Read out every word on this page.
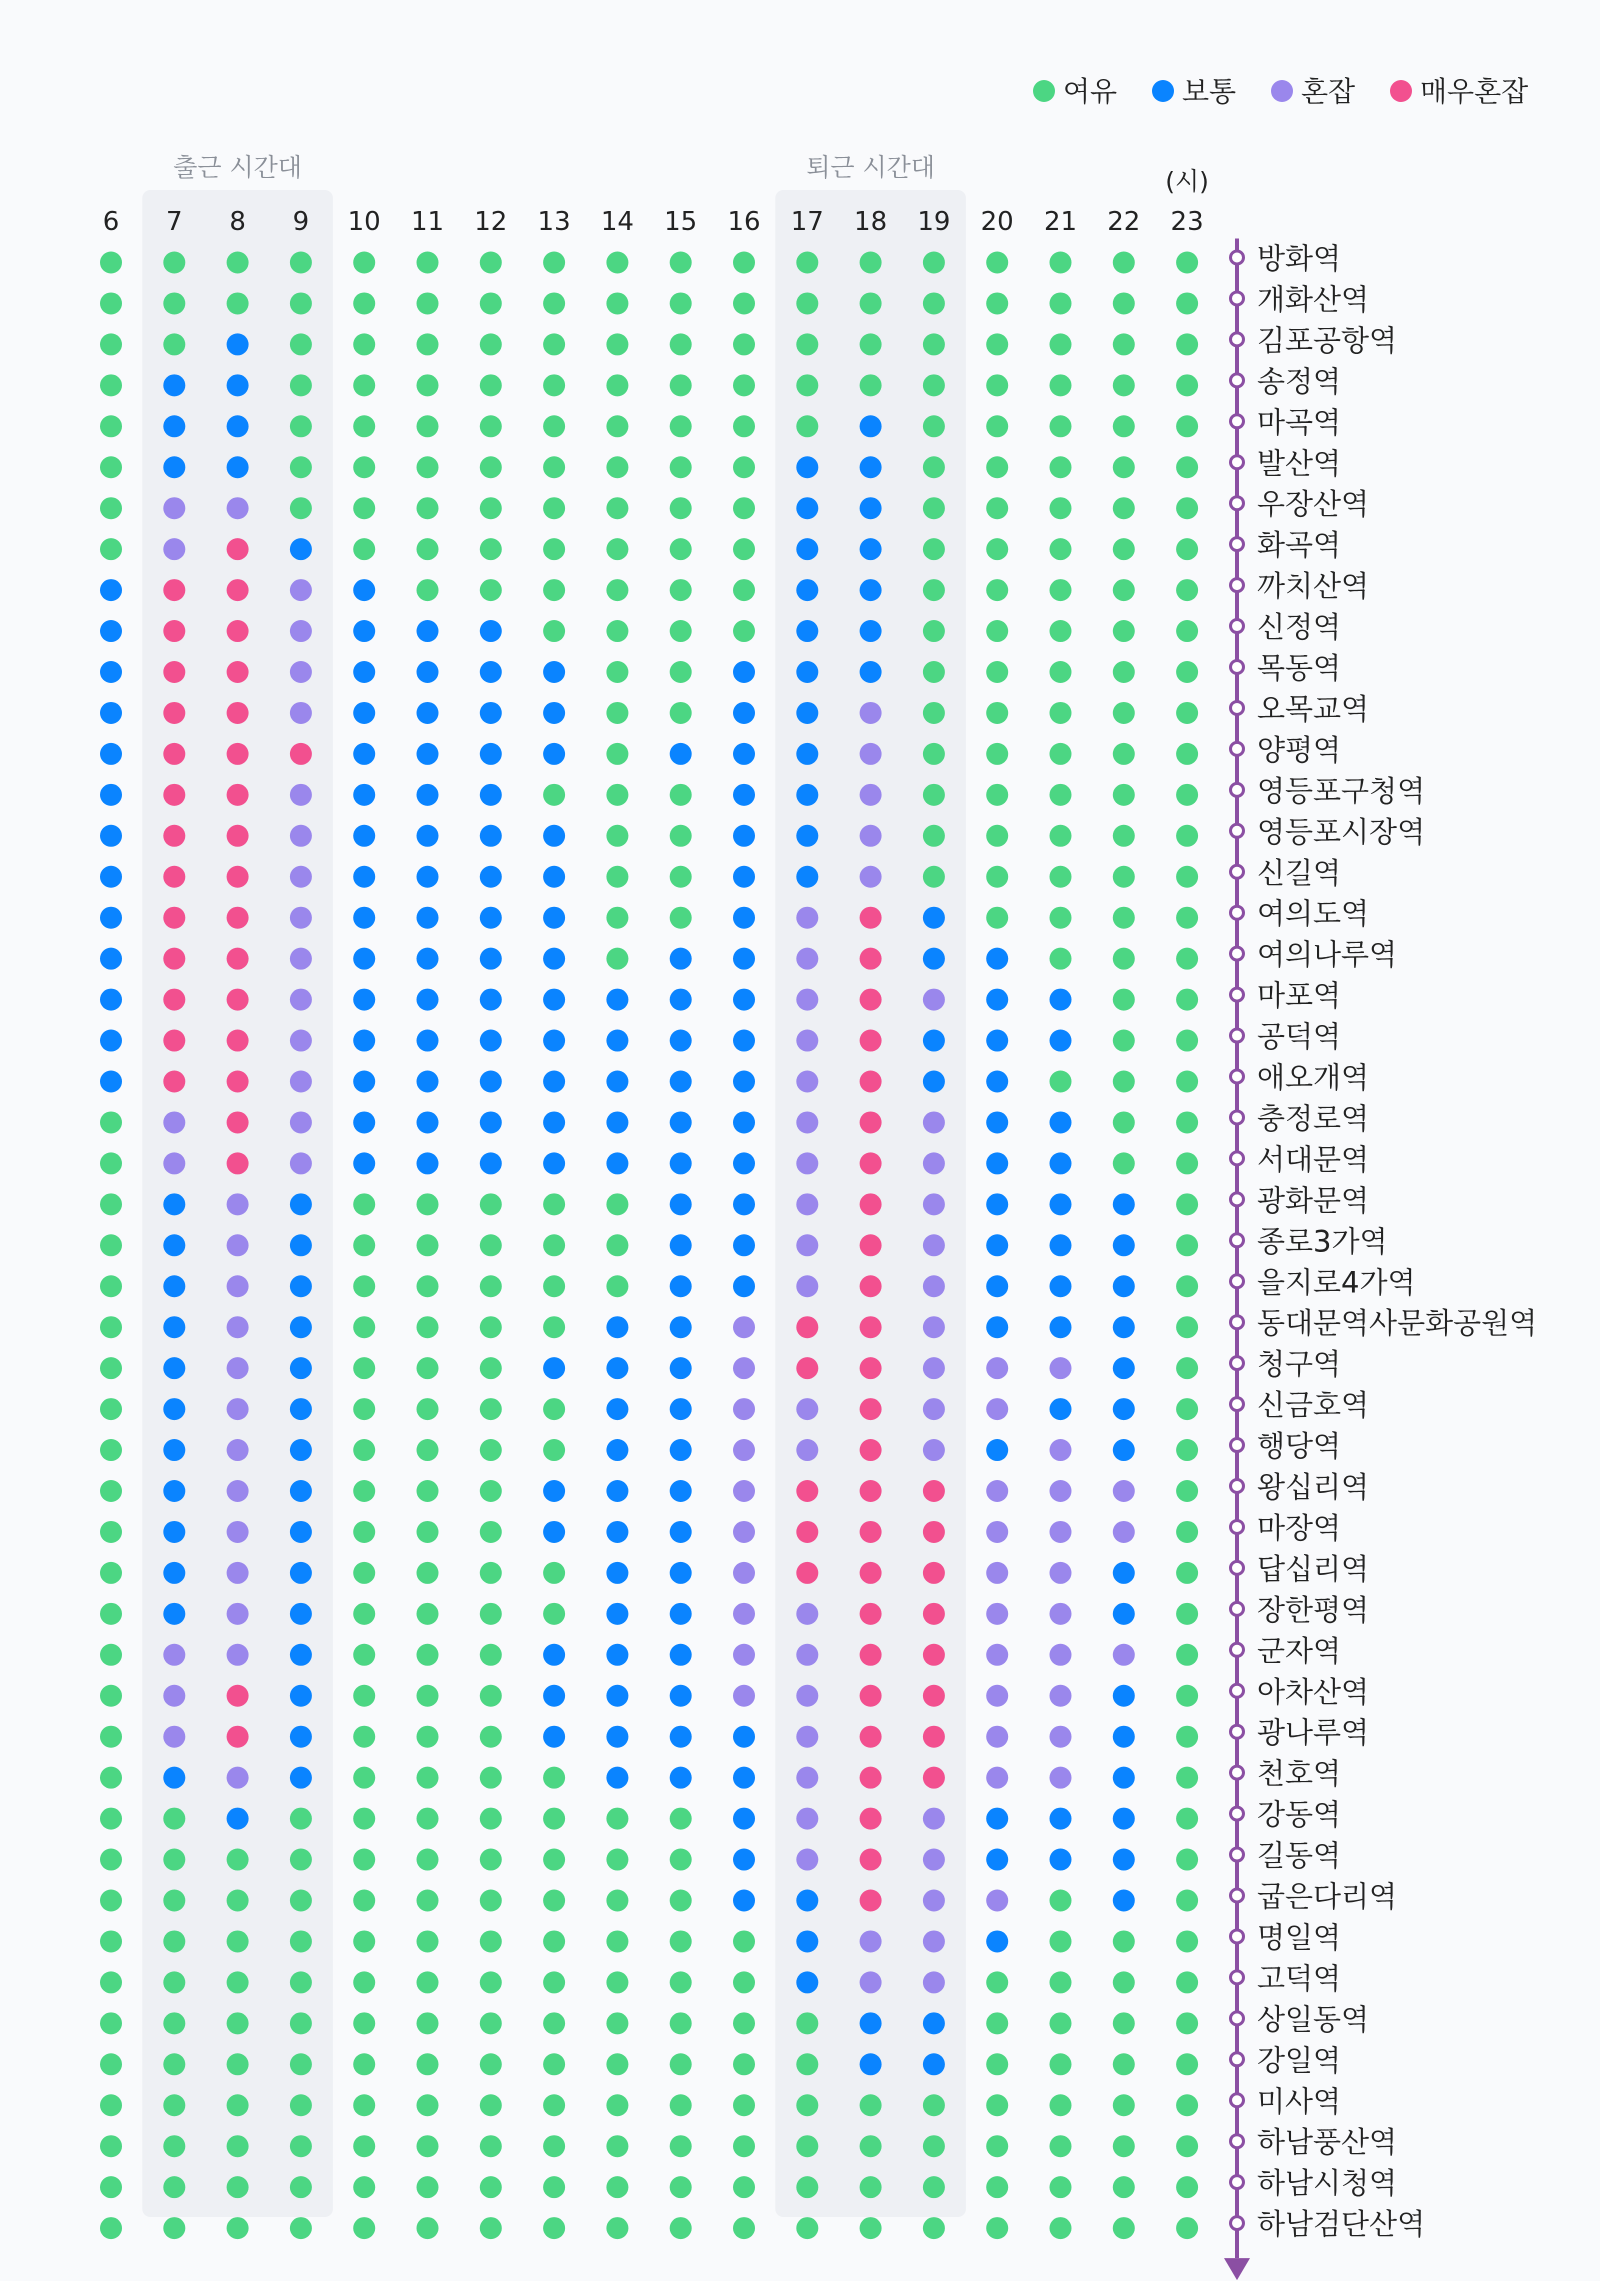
출근 시간대	퇴근 시간대
여유 보통 혼잡 매우혼잡
6 7 8 9 10 11 12 13 14 15 16 17 18 19 20 21 22 23
(시)
방화역
개화산역
김포공항역
송정역
마곡역
발산역
우장산역
화곡역
까치산역
신정역
목동역
오목교역
양평역
영등포구청역
영등포시장역
신길역
여의도역
여의나루역
마포역
공덕역
애오개역
충정로역
서대문역
광화문역
종로3가역
을지로4가역
동대문역사문화공원역
청구역
신금호역
행당역
왕십리역
마장역
답십리역
장한평역
군자역
아차산역
광나루역
천호역
강동역
길동역
굽은다리역
명일역
고덕역
상일동역
강일역
미사역
하남풍산역
하남시청역
하남검단산역
